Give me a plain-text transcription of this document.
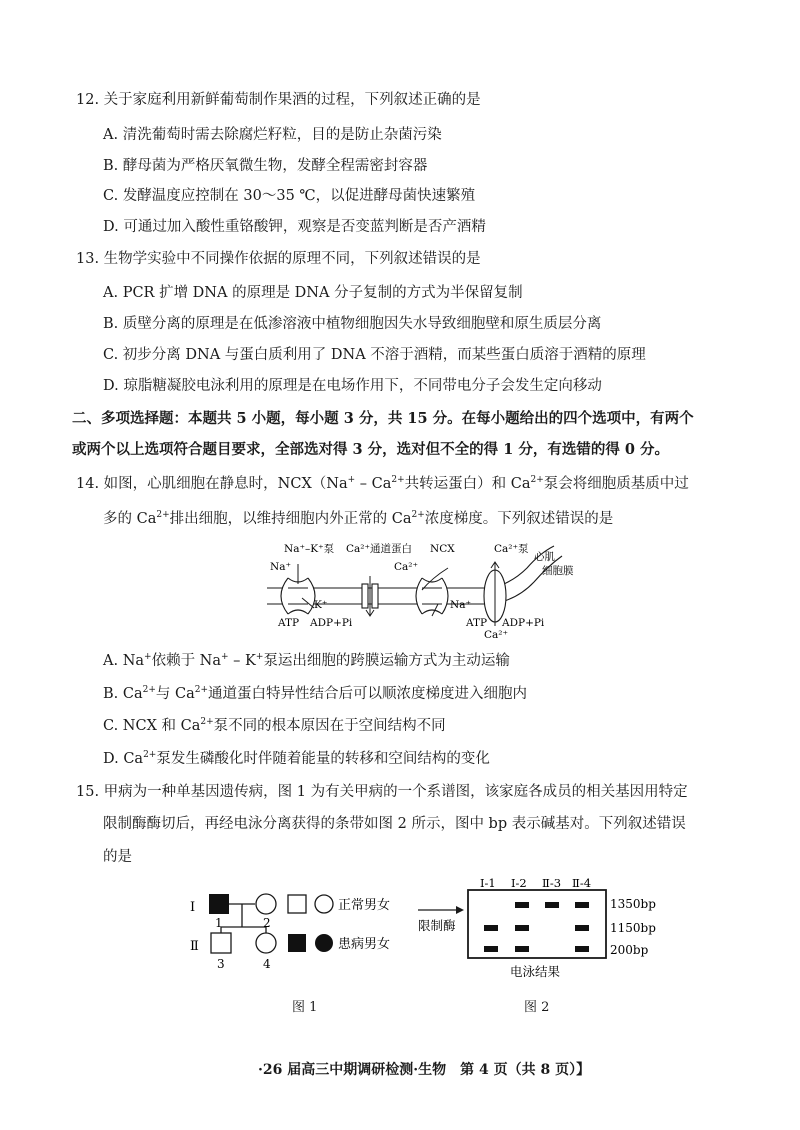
12. 关于家庭利用新鲜葡萄制作果酒的过程，下列叙述正确的是
A. 清洗葡萄时需去除腐烂籽粒，目的是防止杂菌污染
B. 酵母菌为严格厌氧微生物，发酵全程需密封容器
C. 发酵温度应控制在 30～35 ℃，以促进酵母菌快速繁殖
D. 可通过加入酸性重铬酸钾，观察是否变蓝判断是否产酒精
13. 生物学实验中不同操作依据的原理不同，下列叙述错误的是
A. PCR 扩增 DNA 的原理是 DNA 分子复制的方式为半保留复制
B. 质壁分离的原理是在低渗溶液中植物细胞因失水导致细胞壁和原生质层分离
C. 初步分离 DNA 与蛋白质利用了 DNA 不溶于酒精，而某些蛋白质溶于酒精的原理
D. 琼脂糖凝胶电泳利用的原理是在电场作用下，不同带电分子会发生定向移动
二、多项选择题：本题共 5 小题，每小题 3 分，共 15 分。在每小题给出的四个选项中，有两个
或两个以上选项符合题目要求，全部选对得 3 分，选对但不全的得 1 分，有选错的得 0 分。
14. 如图，心肌细胞在静息时，$NCX(Na^+ - Ca^{2+}$共转运蛋白）和 $Ca^{2+}$泵会将细胞质基质中过
多的 $Ca^{2+}$排出细胞，以维持细胞内外正常的 $Ca^{2+}$浓度梯度。下列叙述错误的是
Na⁺–K⁺泵 Ca²⁺通道蛋白 NCX	Ca²⁺泵
心肌
细胞膜
Na⁺
K⁺
Ca²⁺
Na⁺
ATP ADP+Pi	ATP ADP+Pi
Ca²⁺
A. Na+依赖于 Na+ – K+泵运出细胞的跨膜运输方式为主动运输
B. $Ca^{2+}$与 $Ca^{2+}$通道蛋白特异性结合后可以顺浓度梯度进入细胞内
C. NCX 和 $Ca^{2+}$泵不同的根本原因在于空间结构不同
D. $Ca^{2+}$泵发生磷酸化时伴随着能量的转移和空间结构的变化
15. 甲病为一种单基因遗传病，图 1 为有关甲病的一个系谱图，该家庭各成员的相关基因用特定
限制酶酶切后，再经电泳分离获得的条带如图 2 所示，图中 bp 表示碱基对。下列叙述错误
的是
I
Ⅱ
1	2
3	4
正常男女
患病男女
图 1
限制酶
Ⅰ-1 Ⅰ-2 Ⅱ-3 Ⅱ-4
1350bp
1150bp
200bp
电泳结果
图 2
·26 届高三中期调研检测·生物　第 4 页（共 8 页）】
